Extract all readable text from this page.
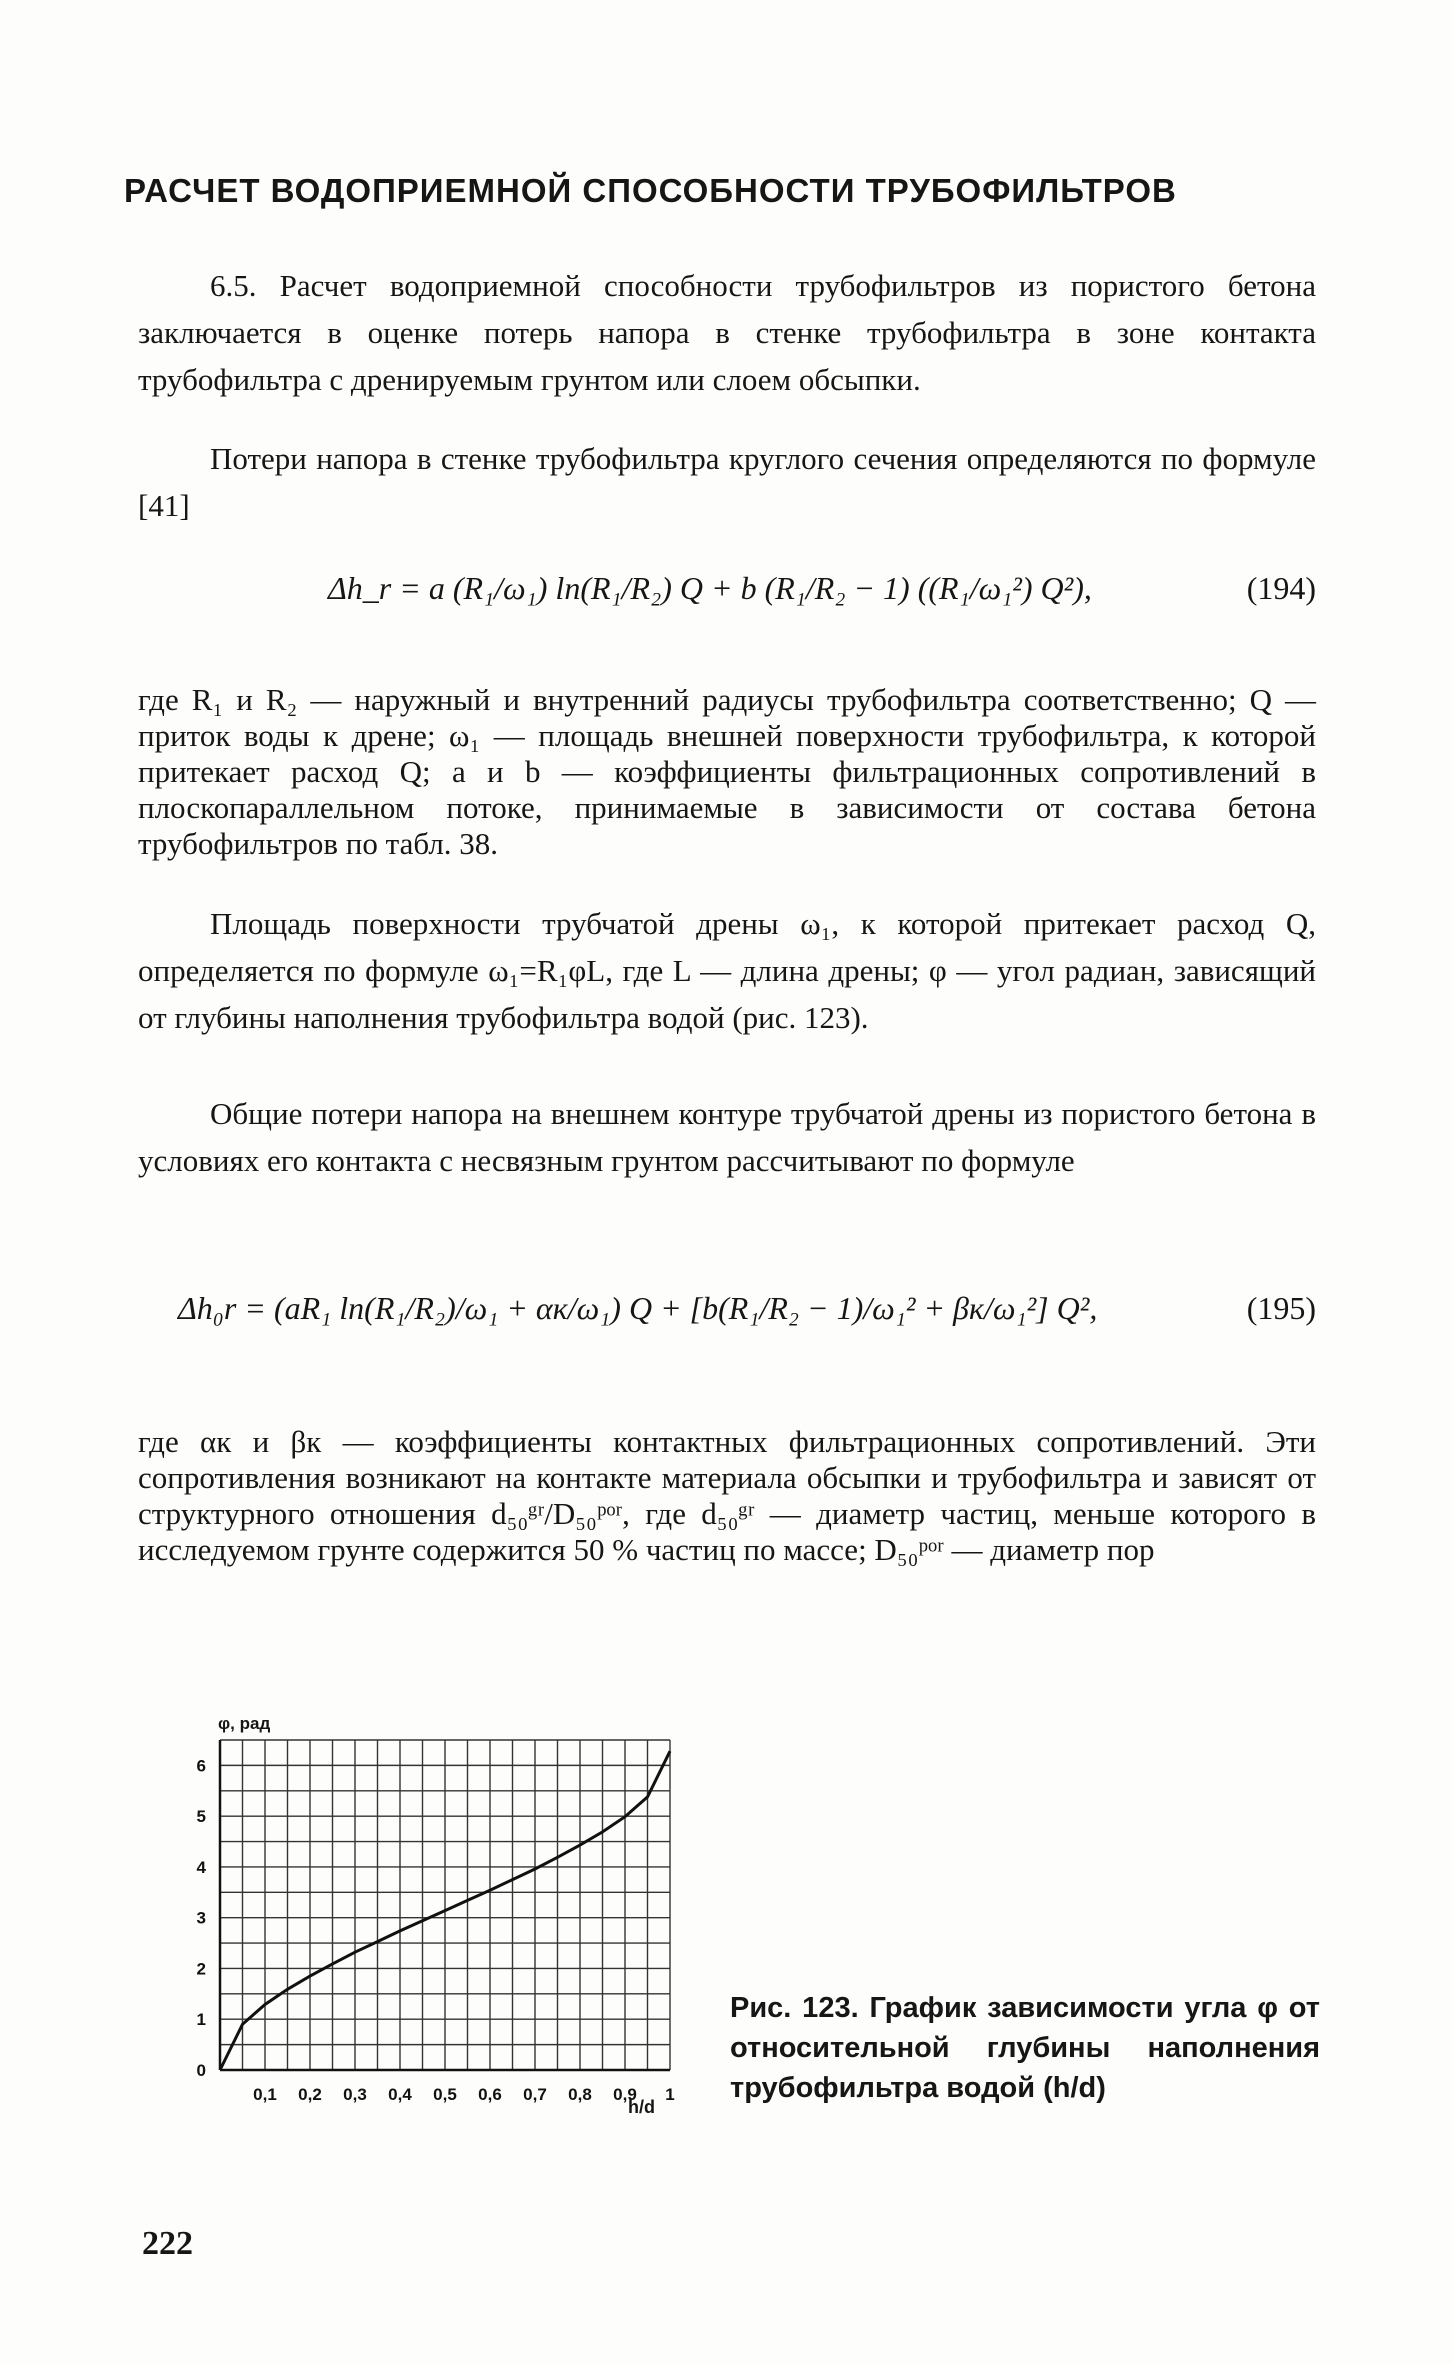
РАСЧЕТ ВОДОПРИЕМНОЙ СПОСОБНОСТИ ТРУБОФИЛЬТРОВ

6.5. Расчет водоприемной способности трубофильтров из пористого бетона заключается в оценке потерь напора в стенке трубофильтра в зоне контакта трубофильтра с дренируемым грунтом или слоем обсыпки.

Потери напора в стенке трубофильтра круглого сечения определяются по формуле [41]

Δh_r = a (R₁/ω₁) ln(R₁/R₂) Q + b (R₁/R₂ − 1) ((R₁/ω₁²) Q²),	(194)

где R₁ и R₂ — наружный и внутренний радиусы трубофильтра соответственно; Q — приток воды к дрене; ω₁ — площадь внешней поверхности трубофильтра, к которой притекает расход Q; a и b — коэффициенты фильтрационных сопротивлений в плоскопараллельном потоке, принимаемые в зависимости от состава бетона трубофильтров по табл. 38.

Площадь поверхности трубчатой дрены ω₁, к которой притекает расход Q, определяется по формуле ω₁=R₁φL, где L — длина дрены; φ — угол радиан, зависящий от глубины наполнения трубофильтра водой (рис. 123).

Общие потери напора на внешнем контуре трубчатой дрены из пористого бетона в условиях его контакта с несвязным грунтом рассчитывают по формуле

Δh₀r = (aR₁ ln(R₁/R₂)/ω₁ + αк/ω₁) Q + [b(R₁/R₂ − 1)/ω₁² + βк/ω₁²] Q²,	(195)

где αк и βк — коэффициенты контактных фильтрационных сопротивлений. Эти сопротивления возникают на контакте материала обсыпки и трубофильтра и зависят от структурного отношения d₅₀ᵍʳ/D₅₀ᵖᵒʳ, где d₅₀ᵍʳ — диаметр частиц, меньше которого в исследуемом грунте содержится 50 % частиц по массе; D₅₀ᵖᵒʳ — диаметр пор

φ, рад
h/d
0
1
2
3
4
5
6
0,1 0,2 0,3 0,4 0,5 0,6 0,7 0,8 0,9 1
Рис. 123. График зависимости угла φ от относительной глубины наполнения трубофильтра водой (h/d)
222
